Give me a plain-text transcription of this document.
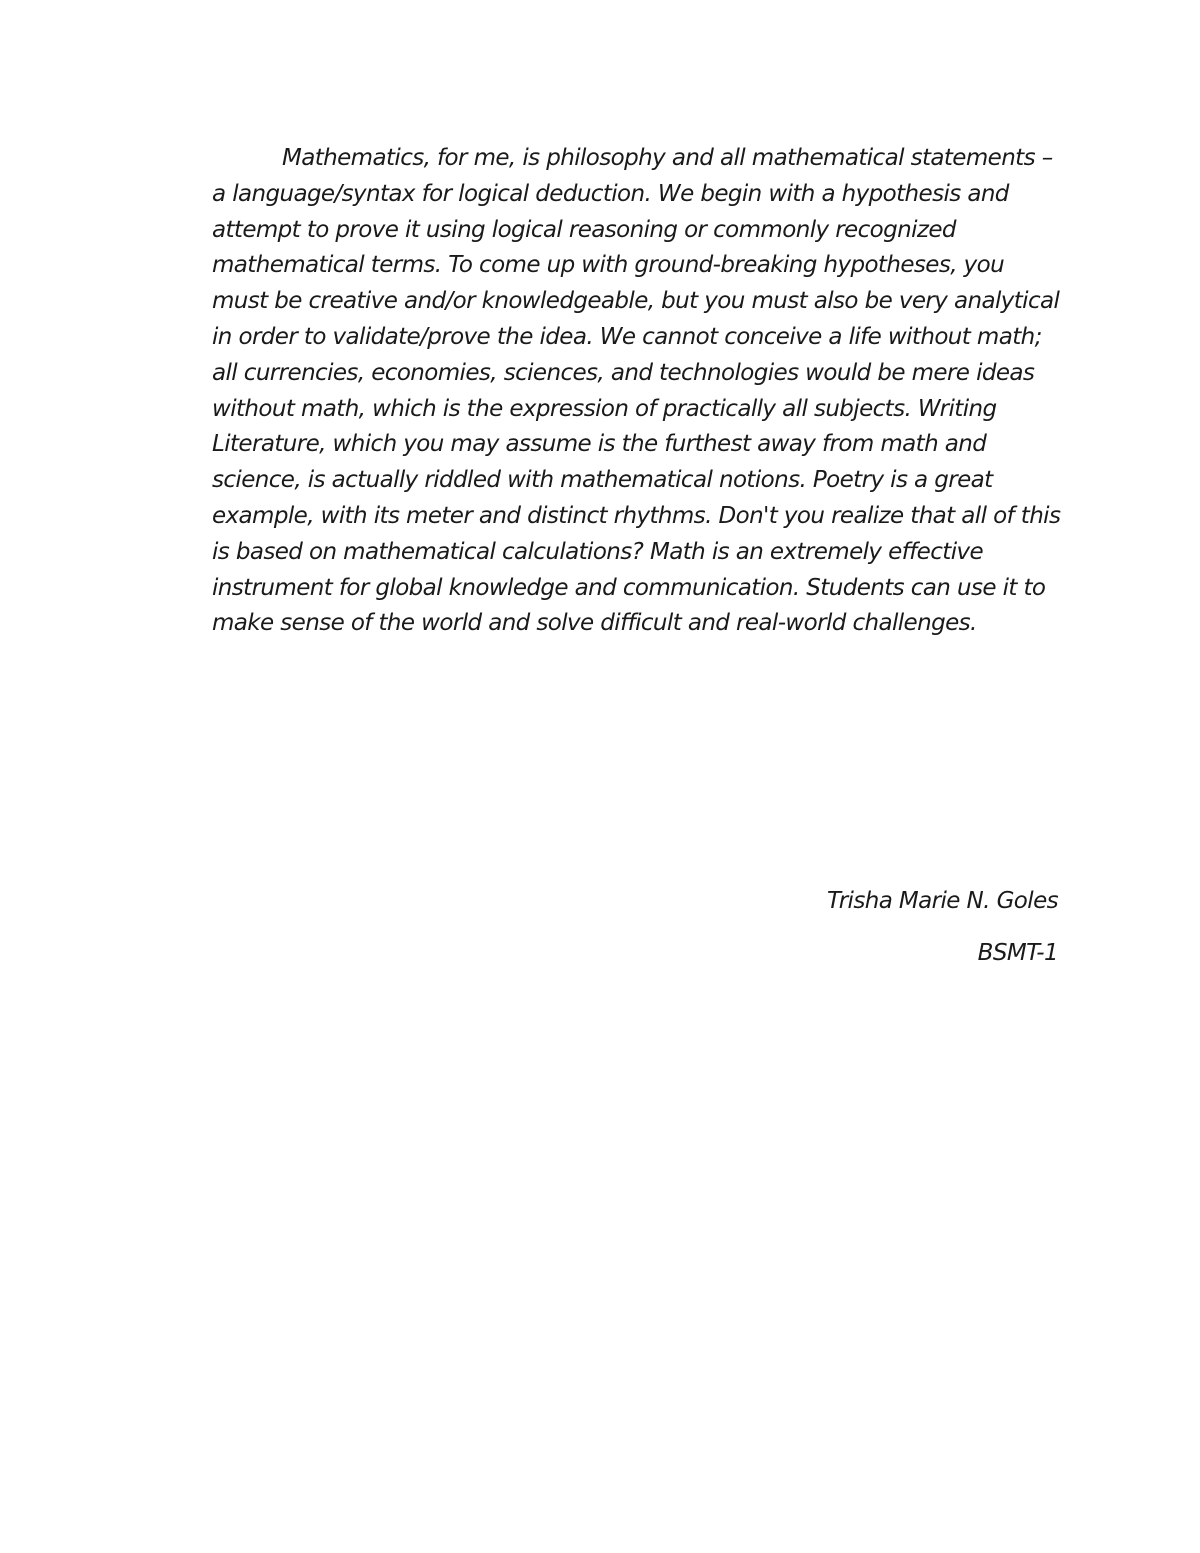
Mathematics, for me, is philosophy and all mathematical statements – a language/syntax for logical deduction. We begin with a hypothesis and attempt to prove it using logical reasoning or commonly recognized mathematical terms. To come up with ground-breaking hypotheses, you must be creative and/or knowledgeable, but you must also be very analytical in order to validate/prove the idea. We cannot conceive a life without math; all currencies, economies, sciences, and technologies would be mere ideas without math, which is the expression of practically all subjects. Writing Literature, which you may assume is the furthest away from math and science, is actually riddled with mathematical notions. Poetry is a great example, with its meter and distinct rhythms. Don't you realize that all of this is based on mathematical calculations? Math is an extremely effective instrument for global knowledge and communication. Students can use it to make sense of the world and solve difficult and real-world challenges.

Trisha Marie N. Goles
BSMT-1
